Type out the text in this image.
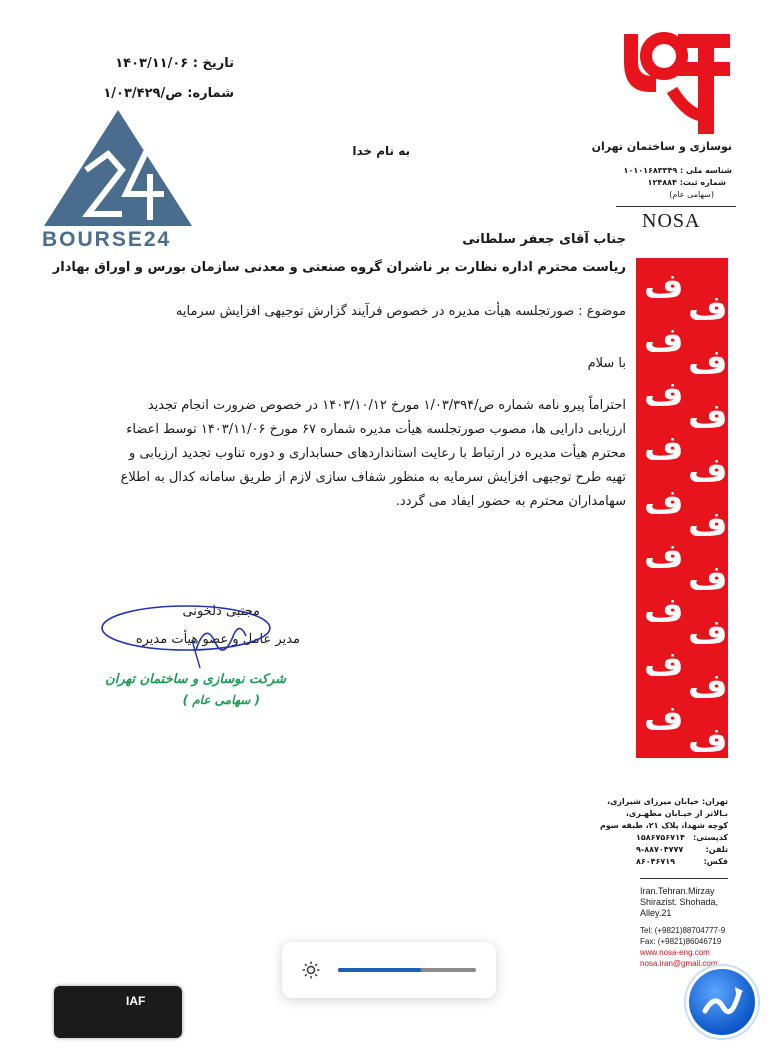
تاریخ : ۱۴۰۳/۱۱/۰۶
شماره: ص/۱/۰۳/۴۲۹
BOURSE24
به نام خدا	نوسازی و ساختمان تهران
شناسه ملی : ۱۰۱۰۱۶۸۳۳۴۹
شماره ثبت: ۱۲۴۸۸۴
(سهامی عام)
NOSA
جناب آقای جعفر سلطانی
ریاست محترم اداره نظارت بر ناشران گروه صنعتی و معدنی سازمان بورس و اوراق بهادار
موضوع : صورتجلسه هیأت مدیره در خصوص فرآیند گزارش توجیهی افزایش سرمایه
با سلام
احتراماً پیرو نامه شماره ص/۱/۰۳/۳۹۴ مورخ ۱۴۰۳/۱۰/۱۲ در خصوص ضرورت انجام تجدید
ارزیابی دارایی ها، مصوب صورتجلسه هیأت مدیره شماره ۶۷ مورخ ۱۴۰۳/۱۱/۰۶ توسط اعضاء
محترم هیأت مدیره در ارتباط با رعایت استانداردهای حسابداری و دوره تناوب تجدید ارزیابی و
تهیه طرح توجیهی افزایش سرمایه به منظور شفاف سازی لازم از طریق سامانه کدال به اطلاع
سهامداران محترم به حضور ایفاد می گردد.
مجتبی دلخونی
مدیر عامل و عضو هیأت مدیره
شرکت نوسازی و ساختمان تهران
( سهامی عام )
ﻑ
ﻑ
ﻑ
ﻑ
ﻑ
ﻑ
ﻑ
ﻑ
ﻑ
ﻑ
ﻑ
ﻑ
ﻑ
ﻑ
ﻑ
ﻑ
ﻑ
ﻑ
تهران: خیابان میرزای شیرازی،
بـالاتر از خیـابان مطهـری،
کوچه شهدا، پلاک ۲۱، طبقه سوم
کدپستی:
۱۵۸۶۷۵۶۷۱۴
تلفن:
۹-۸۸۷۰۴۷۷۷
فکس:
۸۶۰۴۶۷۱۹
Iran.Tehran.Mirzay
Shirazist. Shohada,
Alley.21
Tel: (+9821)88704777-9
Fax: (+9821)86046719
www.nosa-eng.com
nosa.iran@gmail.com
IAF
